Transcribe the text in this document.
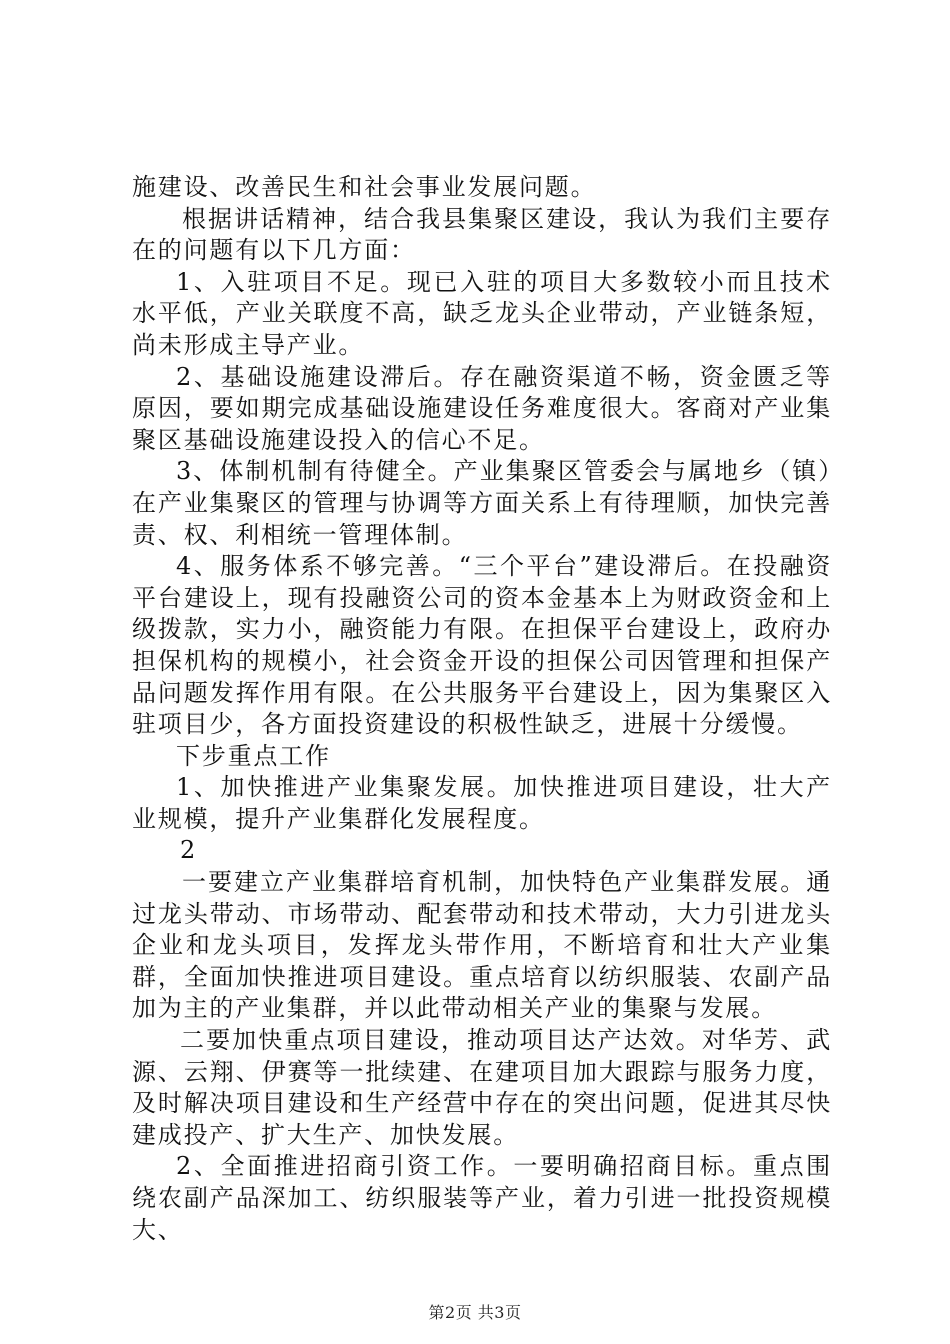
施建设、改善民生和社会事业发展问题。

根据讲话精神，结合我县集聚区建设，我认为我们主要存在的问题有以下几方面：

1、入驻项目不足。现已入驻的项目大多数较小而且技术水平低，产业关联度不高，缺乏龙头企业带动，产业链条短，尚未形成主导产业。

2、基础设施建设滞后。存在融资渠道不畅，资金匮乏等原因，要如期完成基础设施建设任务难度很大。客商对产业集聚区基础设施建设投入的信心不足。

3、体制机制有待健全。产业集聚区管委会与属地乡（镇）在产业集聚区的管理与协调等方面关系上有待理顺，加快完善责、权、利相统一管理体制。

4、服务体系不够完善。“三个平台”建设滞后。在投融资平台建设上，现有投融资公司的资本金基本上为财政资金和上级拨款，实力小，融资能力有限。在担保平台建设上，政府办担保机构的规模小，社会资金开设的担保公司因管理和担保产品问题发挥作用有限。在公共服务平台建设上，因为集聚区入驻项目少，各方面投资建设的积极性缺乏，进展十分缓慢。

下步重点工作

1、加快推进产业集聚发展。加快推进项目建设，壮大产业规模，提升产业集群化发展程度。

2

一要建立产业集群培育机制，加快特色产业集群发展。通过龙头带动、市场带动、配套带动和技术带动，大力引进龙头企业和龙头项目，发挥龙头带作用，不断培育和壮大产业集群，全面加快推进项目建设。重点培育以纺织服装、农副产品加为主的产业集群，并以此带动相关产业的集聚与发展。

二要加快重点项目建设，推动项目达产达效。对华芳、武源、云翔、伊赛等一批续建、在建项目加大跟踪与服务力度，及时解决项目建设和生产经营中存在的突出问题，促进其尽快建成投产、扩大生产、加快发展。

2、全面推进招商引资工作。一要明确招商目标。重点围绕农副产品深加工、纺织服装等产业，着力引进一批投资规模大、

第2页 共3页
